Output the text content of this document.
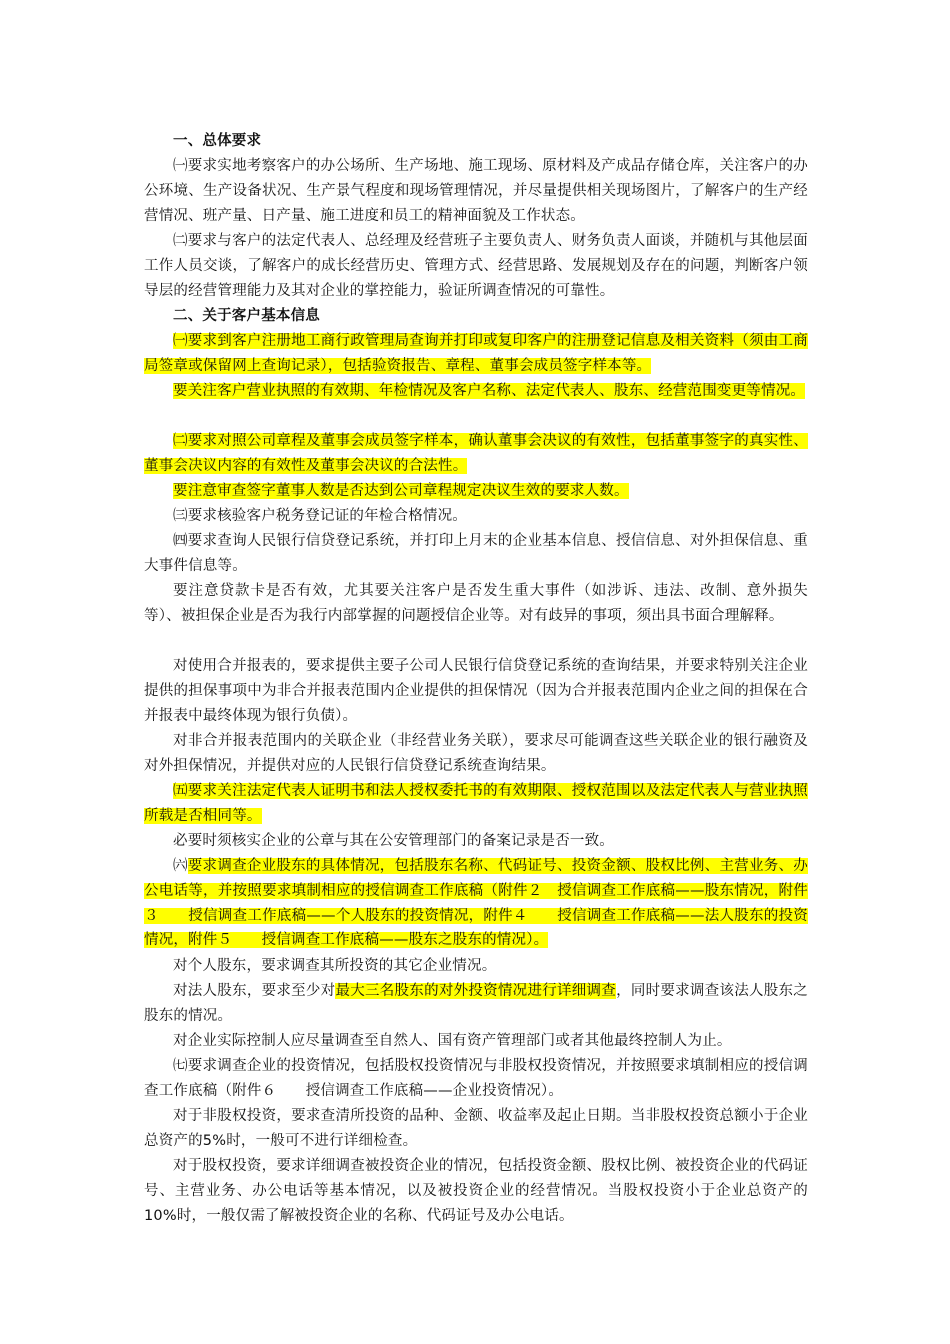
一、总体要求
㈠要求实地考察客户的办公场所、生产场地、施工现场、原材料及产成品存储仓库，关注客户的办公环境、生产设备状况、生产景气程度和现场管理情况，并尽量提供相关现场图片，了解客户的生产经营情况、班产量、日产量、施工进度和员工的精神面貌及工作状态。
㈡要求与客户的法定代表人、总经理及经营班子主要负责人、财务负责人面谈，并随机与其他层面工作人员交谈，了解客户的成长经营历史、管理方式、经营思路、发展规划及存在的问题，判断客户领导层的经营管理能力及其对企业的掌控能力，验证所调查情况的可靠性。
二、关于客户基本信息
㈠要求到客户注册地工商行政管理局查询并打印或复印客户的注册登记信息及相关资料（须由工商局签章或保留网上查询记录），包括验资报告、章程、董事会成员签字样本等。
要关注客户营业执照的有效期、年检情况及客户名称、法定代表人、股东、经营范围变更等情况。
㈡要求对照公司章程及董事会成员签字样本，确认董事会决议的有效性，包括董事签字的真实性、董事会决议内容的有效性及董事会决议的合法性。
要注意审查签字董事人数是否达到公司章程规定决议生效的要求人数。
㈢要求核验客户税务登记证的年检合格情况。
㈣要求查询人民银行信贷登记系统，并打印上月末的企业基本信息、授信信息、对外担保信息、重大事件信息等。
要注意贷款卡是否有效，尤其要关注客户是否发生重大事件（如涉诉、违法、改制、意外损失等）、被担保企业是否为我行内部掌握的问题授信企业等。对有歧异的事项，须出具书面合理解释。
对使用合并报表的，要求提供主要子公司人民银行信贷登记系统的查询结果，并要求特别关注企业提供的担保事项中为非合并报表范围内企业提供的担保情况（因为合并报表范围内企业之间的担保在合并报表中最终体现为银行负债）。
对非合并报表范围内的关联企业（非经营业务关联），要求尽可能调查这些关联企业的银行融资及对外担保情况，并提供对应的人民银行信贷登记系统查询结果。
㈤要求关注法定代表人证明书和法人授权委托书的有效期限、授权范围以及法定代表人与营业执照所载是否相同等。
必要时须核实企业的公章与其在公安管理部门的备案记录是否一致。
㈥要求调查企业股东的具体情况，包括股东名称、代码证号、投资金额、股权比例、主营业务、办公电话等，并按照要求填制相应的授信调查工作底稿（附件２　授信调查工作底稿——股东情况，附件３　　授信调查工作底稿——个人股东的投资情况，附件４　　授信调查工作底稿——法人股东的投资情况，附件５　　授信调查工作底稿——股东之股东的情况）。
对个人股东，要求调查其所投资的其它企业情况。
对法人股东，要求至少对最大三名股东的对外投资情况进行详细调查，同时要求调查该法人股东之股东的情况。
对企业实际控制人应尽量调查至自然人、国有资产管理部门或者其他最终控制人为止。
㈦要求调查企业的投资情况，包括股权投资情况与非股权投资情况，并按照要求填制相应的授信调查工作底稿（附件６　　授信调查工作底稿——企业投资情况）。
对于非股权投资，要求查清所投资的品种、金额、收益率及起止日期。当非股权投资总额小于企业总资产的5%时，一般可不进行详细检查。
对于股权投资，要求详细调查被投资企业的情况，包括投资金额、股权比例、被投资企业的代码证号、主营业务、办公电话等基本情况，以及被投资企业的经营情况。当股权投资小于企业总资产的10%时，一般仅需了解被投资企业的名称、代码证号及办公电话。
